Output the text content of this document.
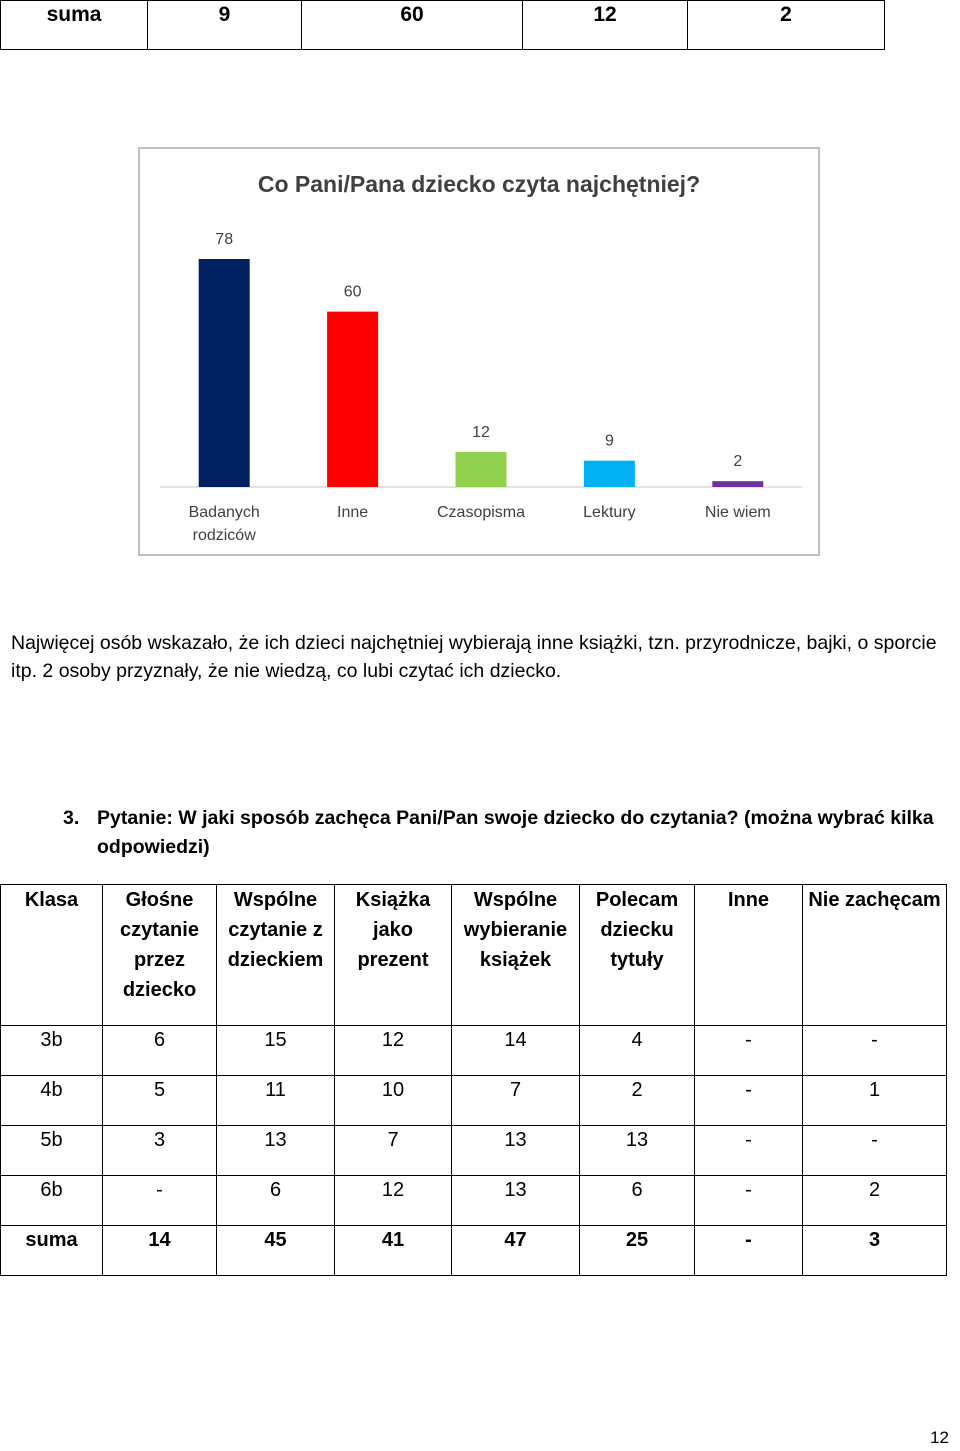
suma	9	60	12	2
Co Pani/Pana dziecko czyta najchętniej?
78
Badanych
rodziców
60
Inne
12
Czasopisma
9
Lektury
2
Nie wiem
Najwięcej osób wskazało, że ich dzieci najchętniej wybierają inne książki, tzn. przyrodnicze, bajki, o sporcie itp. 2 osoby przyznały, że nie wiedzą, co lubi czytać ich dziecko.
3. Pytanie: W jaki sposób zachęca Pani/Pan swoje dziecko do czytania? (można wybrać kilka odpowiedzi)
Klasa	Głośne czytanie przez dziecko	Wspólne czytanie z dzieckiem	Książka jako prezent	Wspólne wybieranie książek	Polecam dziecku tytuły	Inne	Nie zachęcam
3b	6	15	12	14	4	-	-
4b	5	11	10	7	2	-	1
5b	3	13	7	13	13	-	-
6b	-	6	12	13	6	-	2
suma	14	45	41	47	25	-	3
12
